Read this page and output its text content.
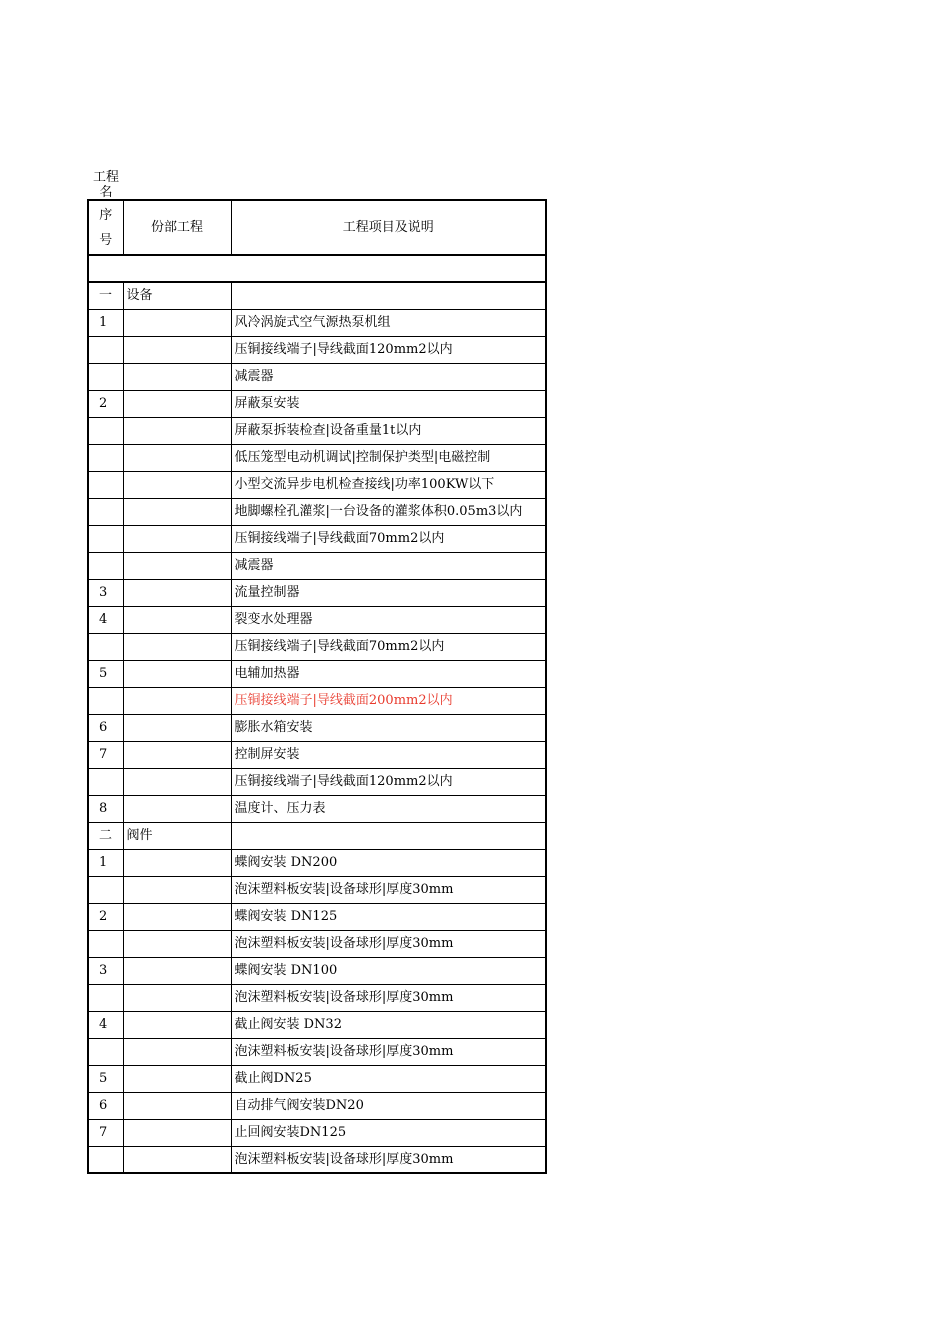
工程名
序
号	份部工程	工程项目及说明

一	设备	
1		风冷涡旋式空气源热泵机组
		压铜接线端子|导线截面120mm2以内
		减震器
2		屏蔽泵安装
		屏蔽泵拆装检查|设备重量1t以内
		低压笼型电动机调试|控制保护类型|电磁控制
		小型交流异步电机检查接线|功率100KW以下
		地脚螺栓孔灌浆|一台设备的灌浆体积0.05m3以内
		压铜接线端子|导线截面70mm2以内
		减震器
3		流量控制器
4		裂变水处理器
		压铜接线端子|导线截面70mm2以内
5		电辅加热器
		压铜接线端子|导线截面200mm2以内
6		膨胀水箱安装
7		控制屏安装
		压铜接线端子|导线截面120mm2以内
8		温度计、压力表
二	阀件	
1		蝶阀安装 DN200
		泡沫塑料板安装|设备球形|厚度30mm
2		蝶阀安装 DN125
		泡沫塑料板安装|设备球形|厚度30mm
3		蝶阀安装 DN100
		泡沫塑料板安装|设备球形|厚度30mm
4		截止阀安装 DN32
		泡沫塑料板安装|设备球形|厚度30mm
5		截止阀DN25
6		自动排气阀安装DN20
7		止回阀安装DN125
		泡沫塑料板安装|设备球形|厚度30mm
